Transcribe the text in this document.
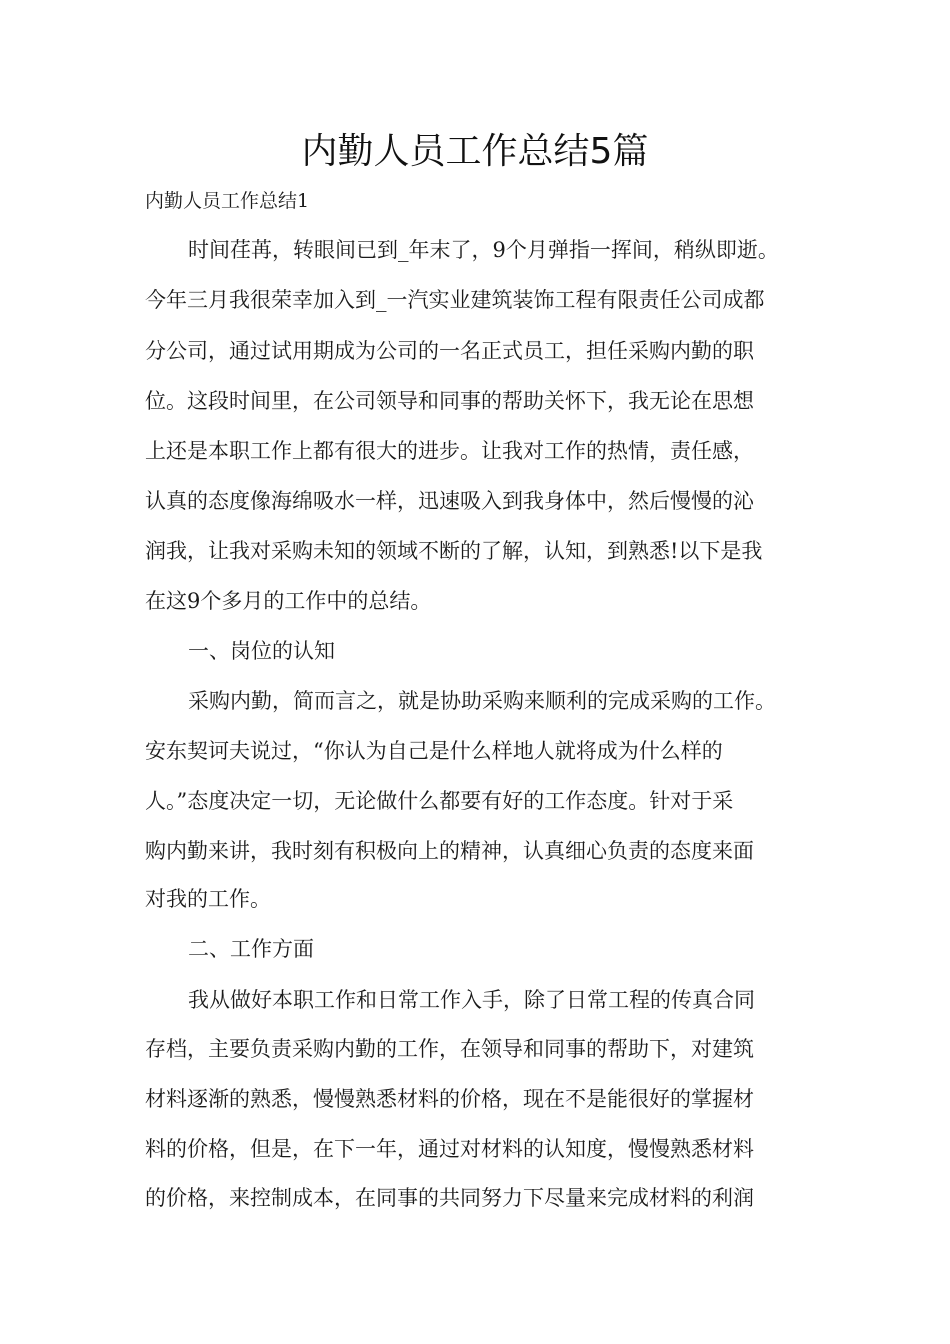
内勤人员工作总结5篇

内勤人员工作总结1

时间荏苒，转眼间已到_年末了，9个月弹指一挥间，稍纵即逝。

今年三月我很荣幸加入到_一汽实业建筑装饰工程有限责任公司成都

分公司，通过试用期成为公司的一名正式员工，担任采购内勤的职

位。这段时间里，在公司领导和同事的帮助关怀下，我无论在思想

上还是本职工作上都有很大的进步。让我对工作的热情，责任感，

认真的态度像海绵吸水一样，迅速吸入到我身体中，然后慢慢的沁

润我，让我对采购未知的领域不断的了解，认知，到熟悉!以下是我

在这9个多月的工作中的总结。

一、岗位的认知

采购内勤，简而言之，就是协助采购来顺利的完成采购的工作。

安东契诃夫说过，“你认为自己是什么样地人就将成为什么样的

人。”态度决定一切，无论做什么都要有好的工作态度。针对于采

购内勤来讲，我时刻有积极向上的精神，认真细心负责的态度来面

对我的工作。

二、工作方面

我从做好本职工作和日常工作入手，除了日常工程的传真合同

存档，主要负责采购内勤的工作，在领导和同事的帮助下，对建筑

材料逐渐的熟悉，慢慢熟悉材料的价格，现在不是能很好的掌握材

料的价格，但是，在下一年，通过对材料的认知度，慢慢熟悉材料

的价格，来控制成本，在同事的共同努力下尽量来完成材料的利润
